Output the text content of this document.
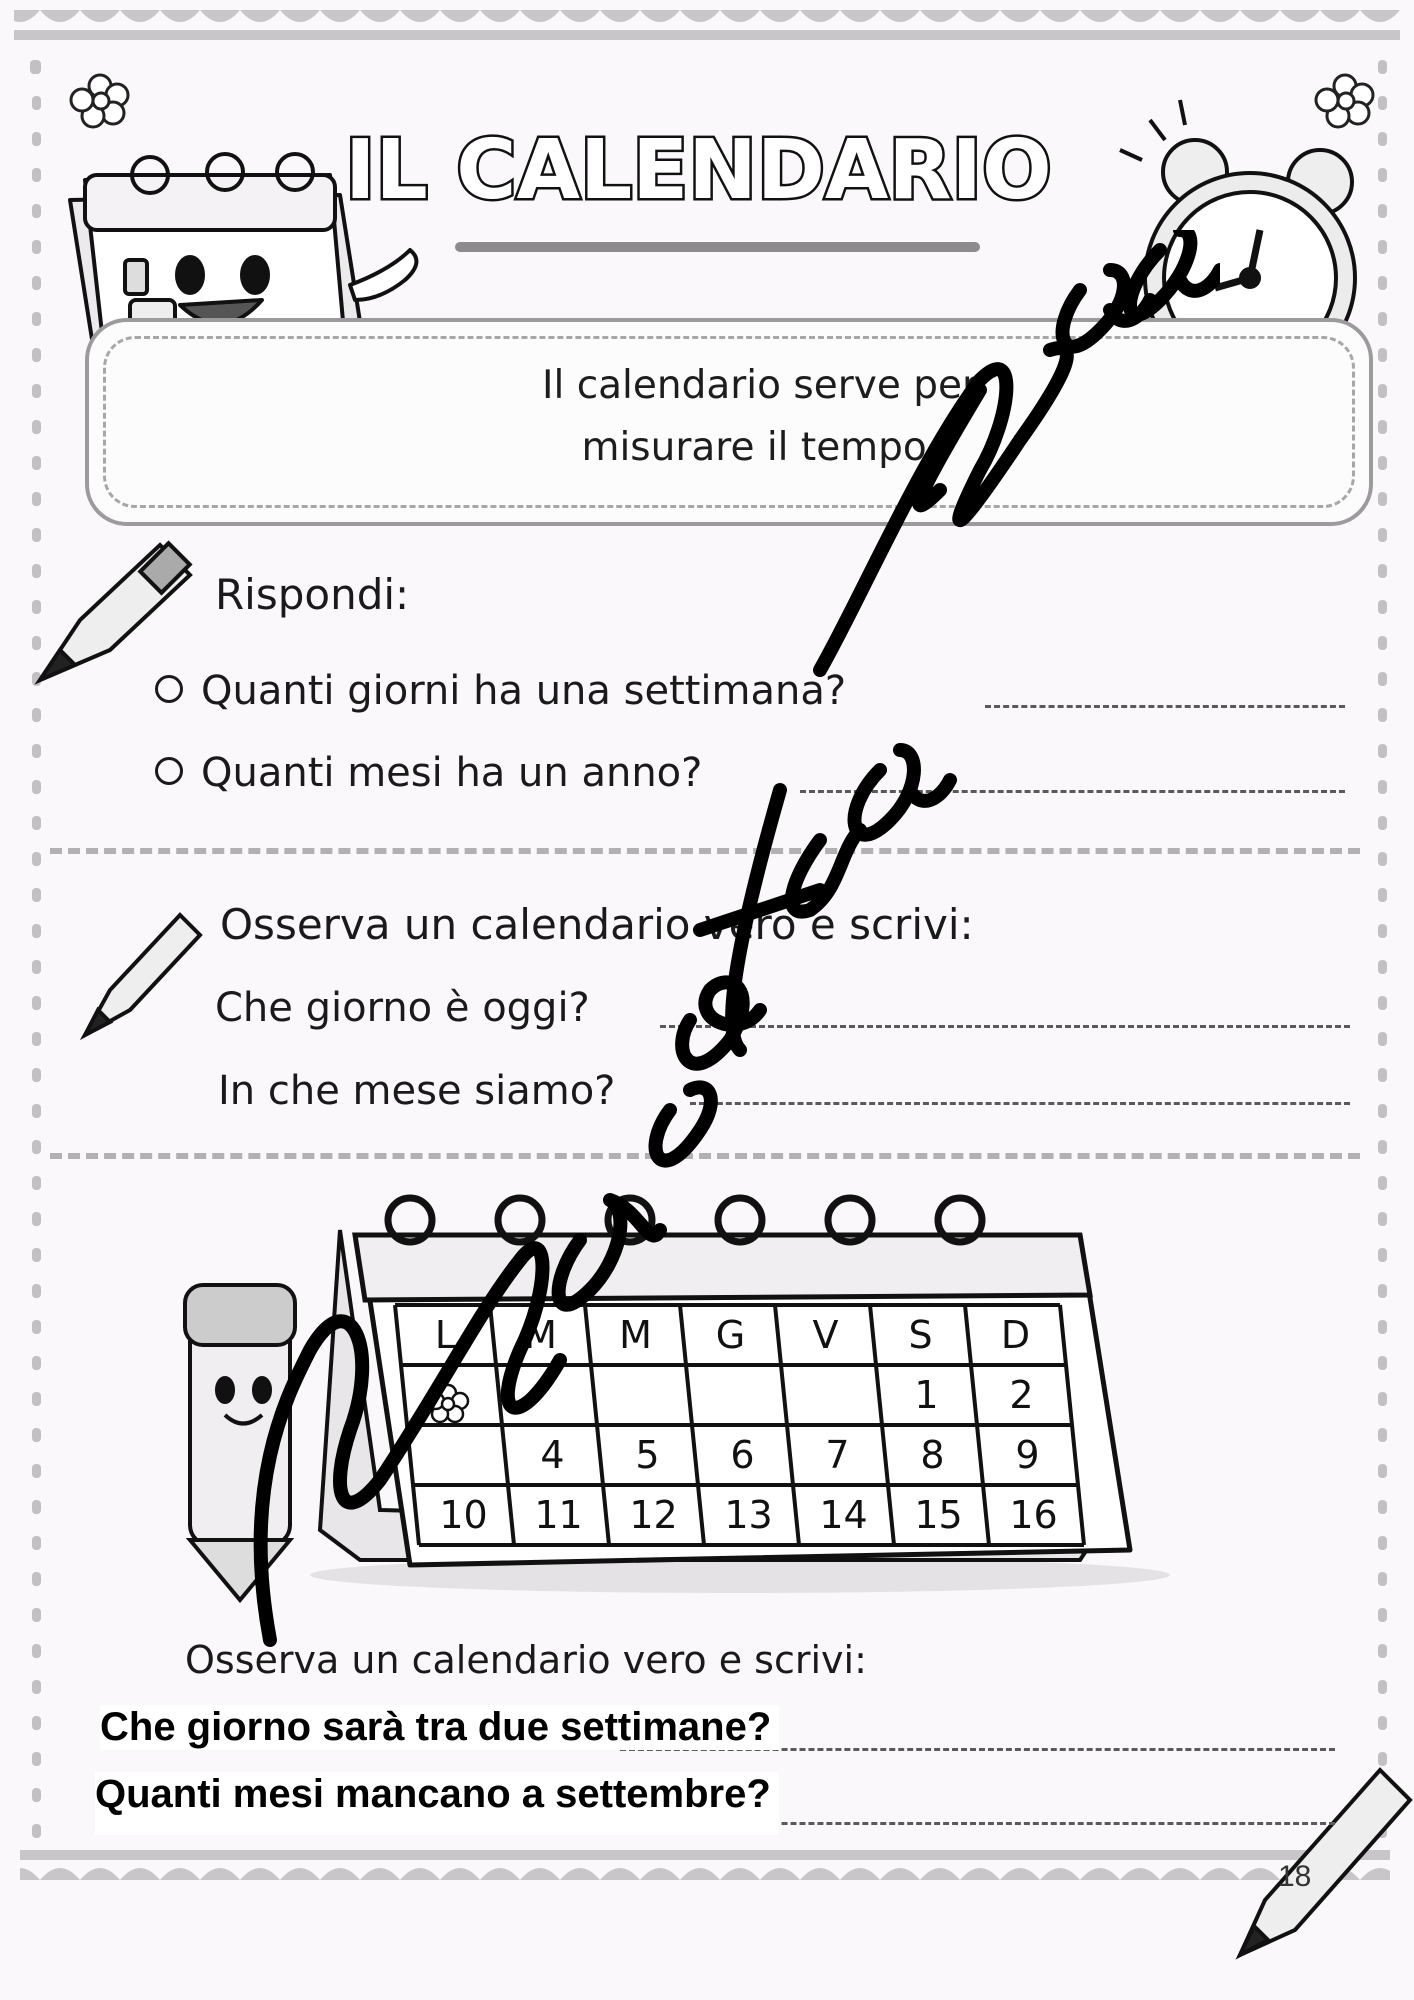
IL CALENDARIO
Il calendario serve per
misurare il tempo.
Rispondi:
Quanti giorni ha una settimana?
Quanti mesi ha un anno?
Osserva un calendario vero e scrivi:
Che giorno è oggi?
In che mese siamo?
L M M G V S D
1 2
4 5 6 7 8 9
10 11 12 13 14 15 16
Osserva un calendario vero e scrivi:
Che giorno sarà tra due settimane?
Quanti mesi mancano a settembre?
18
